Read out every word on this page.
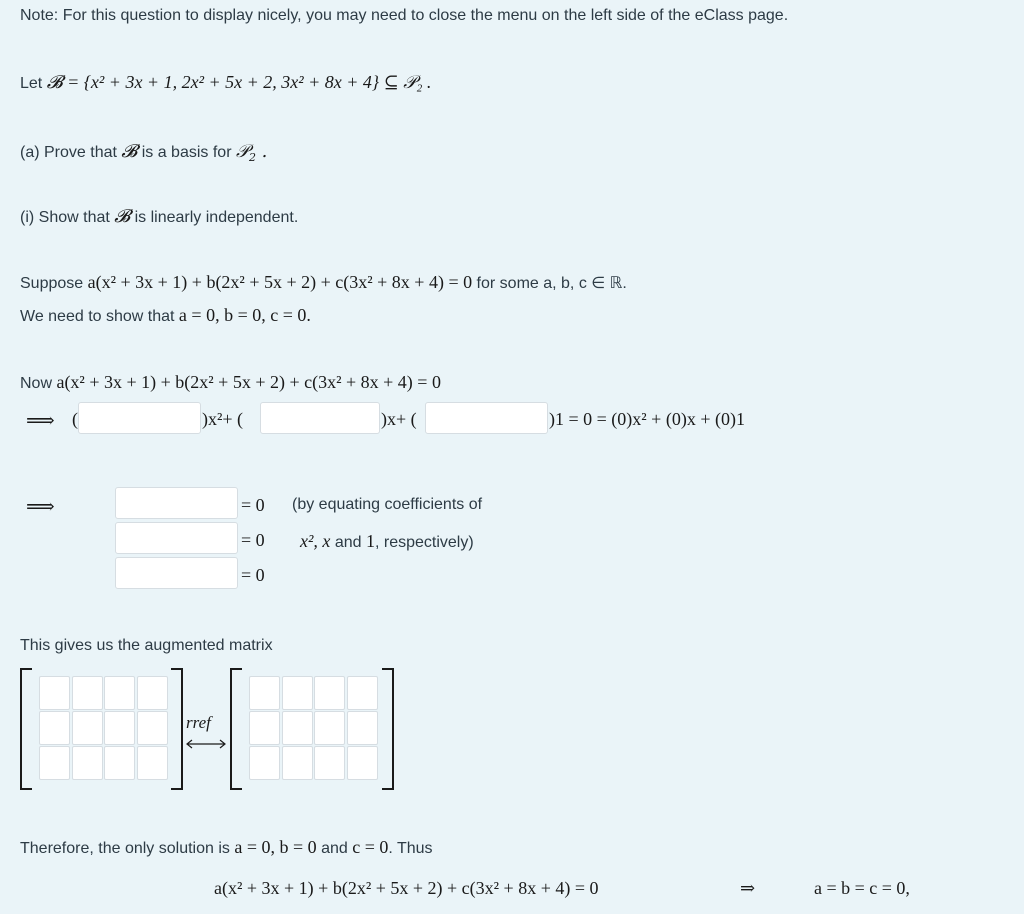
Note: For this question to display nicely, you may need to close the menu on the left side of the eClass page.
Let 𝓑 = {x² + 3x + 1, 2x² + 5x + 2, 3x² + 8x + 4} ⊆ 𝒫₂ .
(a) Prove that 𝓑 is a basis for 𝒫$_2$ .
(i) Show that 𝓑 is linearly independent.
Suppose a(x² + 3x + 1) + b(2x² + 5x + 2) + c(3x² + 8x + 4) = 0 for some a, b, c ∈ ℝ.
We need to show that a = 0, b = 0, c = 0.
Now a(x² + 3x + 1) + b(2x² + 5x + 2) + c(3x² + 8x + 4) = 0
⟹ (	)x²+ (	)x+ (	)1 = 0 = (0)x² + (0)x + (0)1
⟹	= 0
= 0
= 0
(by equating coefficients of
x², x and 1, respectively)
This gives us the augmented matrix
rref
Therefore, the only solution is a = 0, b = 0 and c = 0. Thus
a(x² + 3x + 1) + b(2x² + 5x + 2) + c(3x² + 8x + 4) = 0	⇒	a = b = c = 0,
